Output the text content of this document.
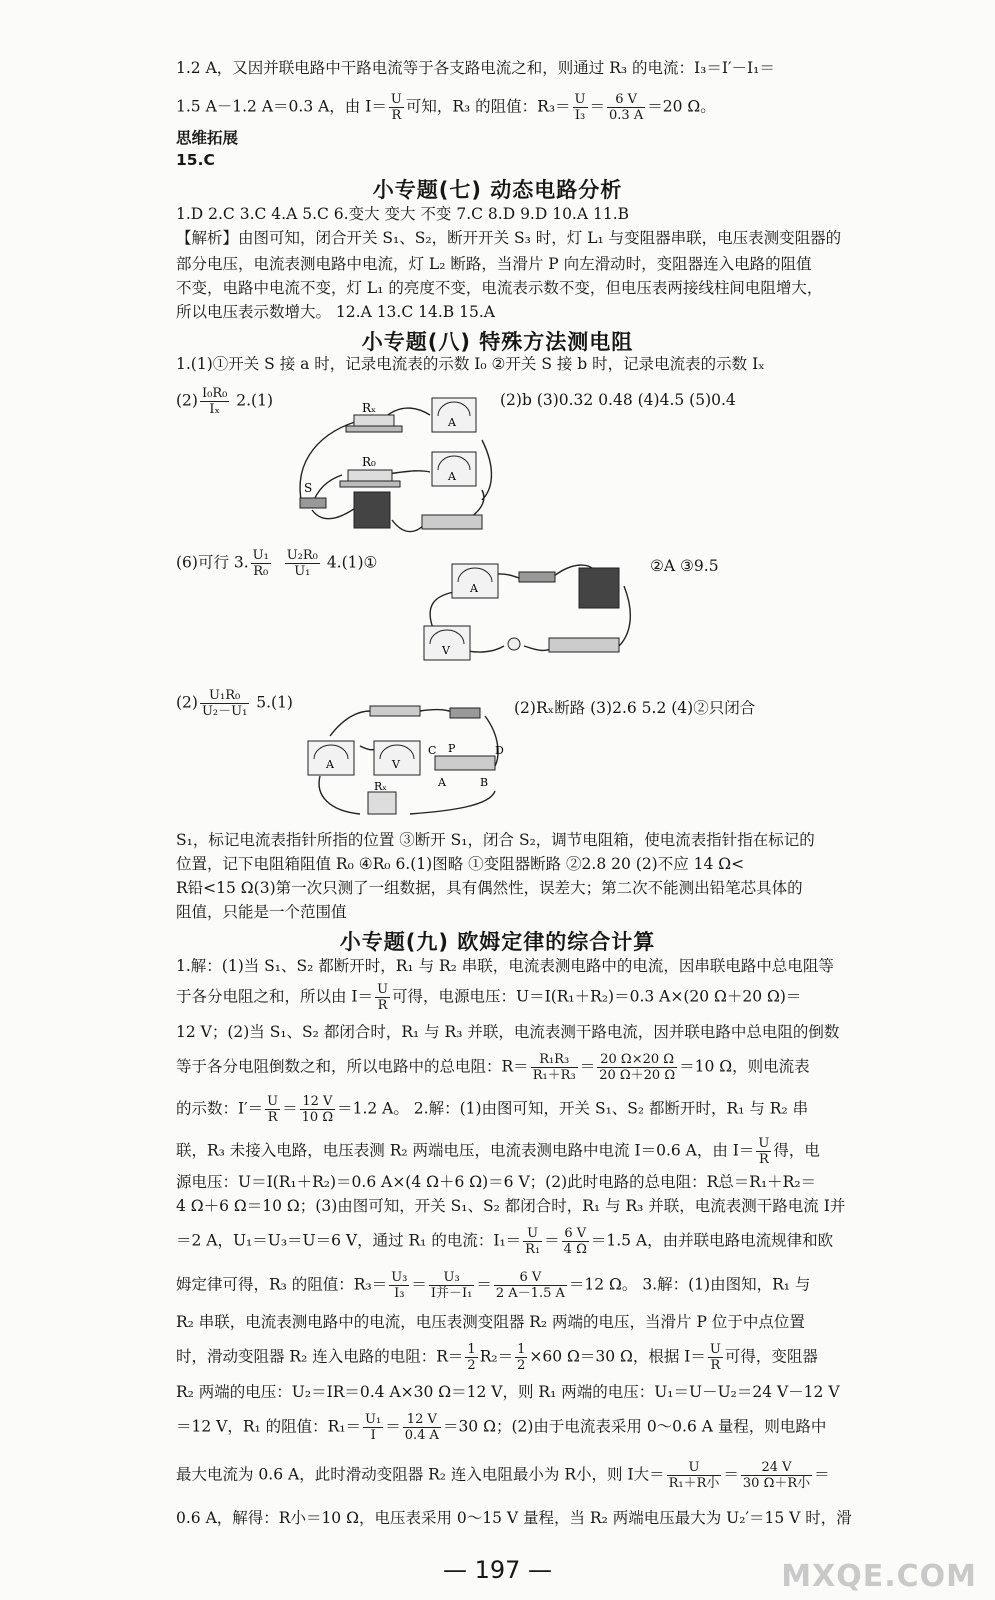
1.2 A，又因并联电路中干路电流等于各支路电流之和，则通过 R₃ 的电流：I₃＝I′－I₁＝
1.5 A－1.2 A＝0.3 A，由 $I= \frac{U}{R}$ 可知，R₃ 的阻值：$R_3= \frac{U}{\text{I₃}} = \frac{6 V}{0.3 A} =20$ Ω。
思维拓展
15.C
小专题(七) 动态电路分析
1.D 2.C 3.C 4.A 5.C 6.变大 变大 不变 7.C 8.D 9.D 10.A 11.B
【解析】由图可知，闭合开关 S₁、S₂，断开开关 S₃ 时，灯 L₁ 与变阻器串联，电压表测变阻器的
部分电压，电流表测电路中电流，灯 L₂ 断路，当滑片 P 向左滑动时，变阻器连入电路的阻值
不变，电路中电流不变，灯 L₁ 的亮度不变，电流表示数不变，但电压表两接线柱间电阻增大，
所以电压表示数增大。 12.A 13.C 14.B 15.A
小专题(八) 特殊方法测电阻
1.(1)①开关 S 接 a 时，记录电流表的示数 I₀ ②开关 S 接 b 时，记录电流表的示数 Iₓ
$(2) \frac{\text{I₀R₀}}{\text{Iₓ}} 2.(1)$	(2)b (3)0.32 0.48 (4)4.5 (5)0.4
Rₓ
R₀
S
A
A
(6)可行 3. $\frac{\text{U₁}}{\text{R₀}}$
$\frac{\text{U₂R₀}}{\text{U₁}}$ 4.(1)①	②A ③9.5
A
V
$(2) \frac{\text{U₁R₀}}{\text{U₂－U₁}} 5.(1)$	(2)Rₓ断路 (3)2.6 5.2 (4)②只闭合
A	V
C P	D
A	B
Rₓ
S₁，标记电流表指针所指的位置 ③断开 S₁，闭合 S₂，调节电阻箱，使电流表指针指在标记的
位置，记下电阻箱阻值 R₀ ④R₀ 6.(1)图略 ①变阻器断路 ②2.8 20 (2)不应 14 Ω<
R铅<15 Ω(3)第一次只测了一组数据，具有偶然性，误差大；第二次不能测出铅笔芯具体的
阻值，只能是一个范围值
小专题(九) 欧姆定律的综合计算
1.解：(1)当 S₁、S₂ 都断开时，R₁ 与 R₂ 串联，电流表测电路中的电流，因串联电路中总电阻等
于各分电阻之和，所以由 $I= \frac{U}{R}$ 可得，电源电压：U＝I(R₁＋R₂)＝0.3 A×(20 Ω＋20 Ω)＝
12 V；(2)当 S₁、S₂ 都闭合时，R₁ 与 R₃ 并联，电流表测干路电流，因并联电路中总电阻的倒数
等于各分电阻倒数之和，所以电路中的总电阻：$R= \frac{\text{R₁R₃}}{\text{R₁＋R₃}} = \frac{20 \Omega\times 20 \Omega}{20 \Omega+20 \Omega} =10$ Ω，则电流表
的示数：$I'= \frac{U}{R} = \frac{12 V}{10 \Omega} =1.2$ A。 2.解：(1)由图可知，开关 S₁、S₂ 都断开时，R₁ 与 R₂ 串
联，R₃ 未接入电路，电压表测 R₂ 两端电压，电流表测电路中电流 I＝0.6 A，由 $I= \frac{U}{R}$ 得，电
源电压：U＝I(R₁＋R₂)＝0.6 A×(4 Ω＋6 Ω)＝6 V；(2)此时电路的总电阻：R总＝R₁＋R₂＝
4 Ω＋6 Ω＝10 Ω；(3)由图可知，开关 S₁、S₂ 都闭合时，R₁ 与 R₃ 并联，电流表测干路电流 I并
＝2 A，U₁＝U₃＝U＝6 V，通过 R₁ 的电流：$I_1= \frac{U}{\text{R₁}} = \frac{6 V}{4 \Omega} =1.5$ A，由并联电路电流规律和欧
姆定律可得，R₃ 的阻值：$R_3= \frac{\text{U₃}}{\text{I₃}} = \frac{\text{U₃}}{\text{I并－I₁}} = \frac{6 V}{2 A-1.5 A} =12$ Ω。 3.解：(1)由图知，R₁ 与
R₂ 串联，电流表测电路中的电流，电压表测变阻器 R₂ 两端的电压，当滑片 P 位于中点位置
时，滑动变阻器 R₂ 连入电路的电阻：$R= \frac{1}{2} R_2= \frac{1}{2} \times 60$ Ω＝30 Ω，根据 $I= \frac{U}{R}$ 可得，变阻器
R₂ 两端的电压：U₂＝IR＝0.4 A×30 Ω＝12 V，则 R₁ 两端的电压：U₁＝U－U₂＝24 V－12 V
＝12 V，R₁ 的阻值：$R_1= \frac{\text{U₁}}{I} = \frac{12 V}{0.4 A} =30$ Ω；(2)由于电流表采用 0～0.6 A 量程，则电路中
最大电流为 0.6 A，此时滑动变阻器 R₂ 连入电阻最小为 R小，则 I大＝ $\frac{U}{\text{R₁＋R小}} = \frac{24 V}{\text{30 Ω＋R小}}$ ＝
0.6 A，解得：R小＝10 Ω，电压表采用 0～15 V 量程，当 R₂ 两端电压最大为 U₂′＝15 V 时，滑
— 197 —	MXQE.COM
